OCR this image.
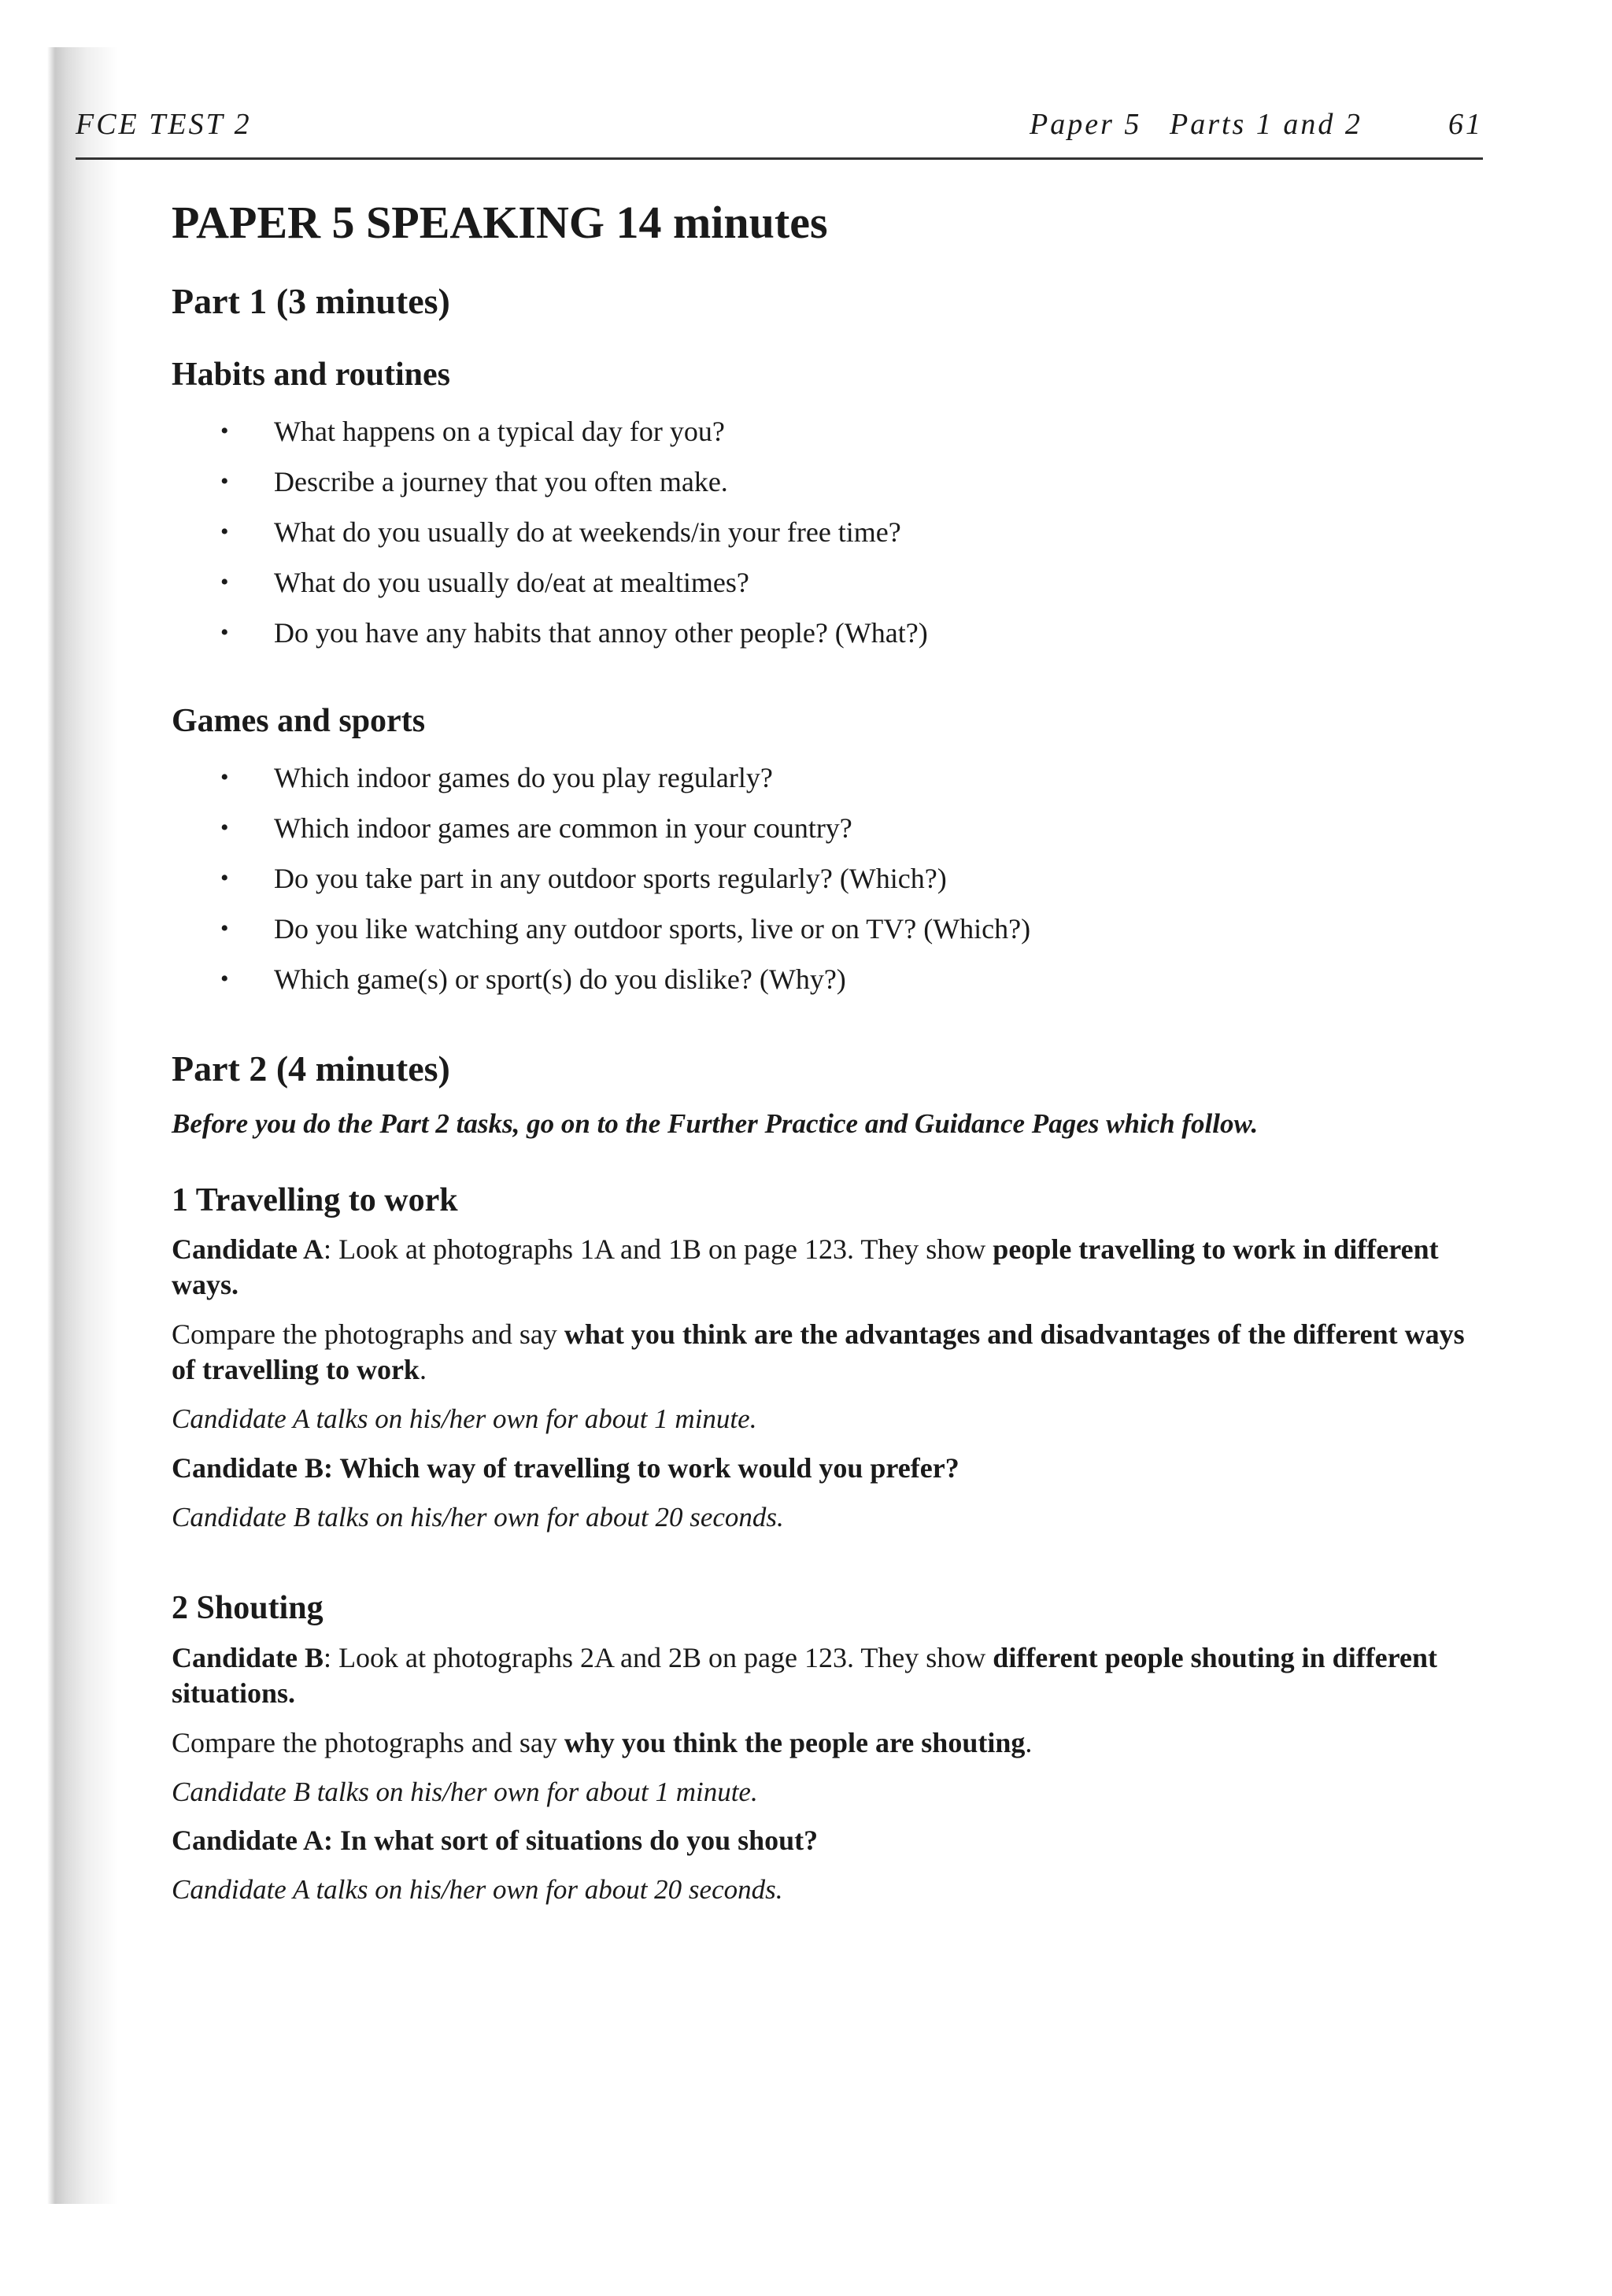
FCE TEST 2	Paper 5 Parts 1 and 2	61
PAPER 5 SPEAKING 14 minutes
Part 1 (3 minutes)
Habits and routines
• What happens on a typical day for you?
• Describe a journey that you often make.
• What do you usually do at weekends/in your free time?
• What do you usually do/eat at mealtimes?
• Do you have any habits that annoy other people? (What?)
Games and sports
• Which indoor games do you play regularly?
• Which indoor games are common in your country?
• Do you take part in any outdoor sports regularly? (Which?)
• Do you like watching any outdoor sports, live or on TV? (Which?)
• Which game(s) or sport(s) do you dislike? (Why?)
Part 2 (4 minutes)

Before you do the Part 2 tasks, go on to the Further Practice and Guidance Pages which follow.

1 Travelling to work

Candidate A: Look at photographs 1A and 1B on page 123. They show people travelling to work in different ways.

Compare the photographs and say what you think are the advantages and disadvantages of the different ways of travelling to work.

Candidate A talks on his/her own for about 1 minute.

Candidate B: Which way of travelling to work would you prefer?

Candidate B talks on his/her own for about 20 seconds.

2 Shouting

Candidate B: Look at photographs 2A and 2B on page 123. They show different people shouting in different situations.

Compare the photographs and say why you think the people are shouting.

Candidate B talks on his/her own for about 1 minute.

Candidate A: In what sort of situations do you shout?

Candidate A talks on his/her own for about 20 seconds.
